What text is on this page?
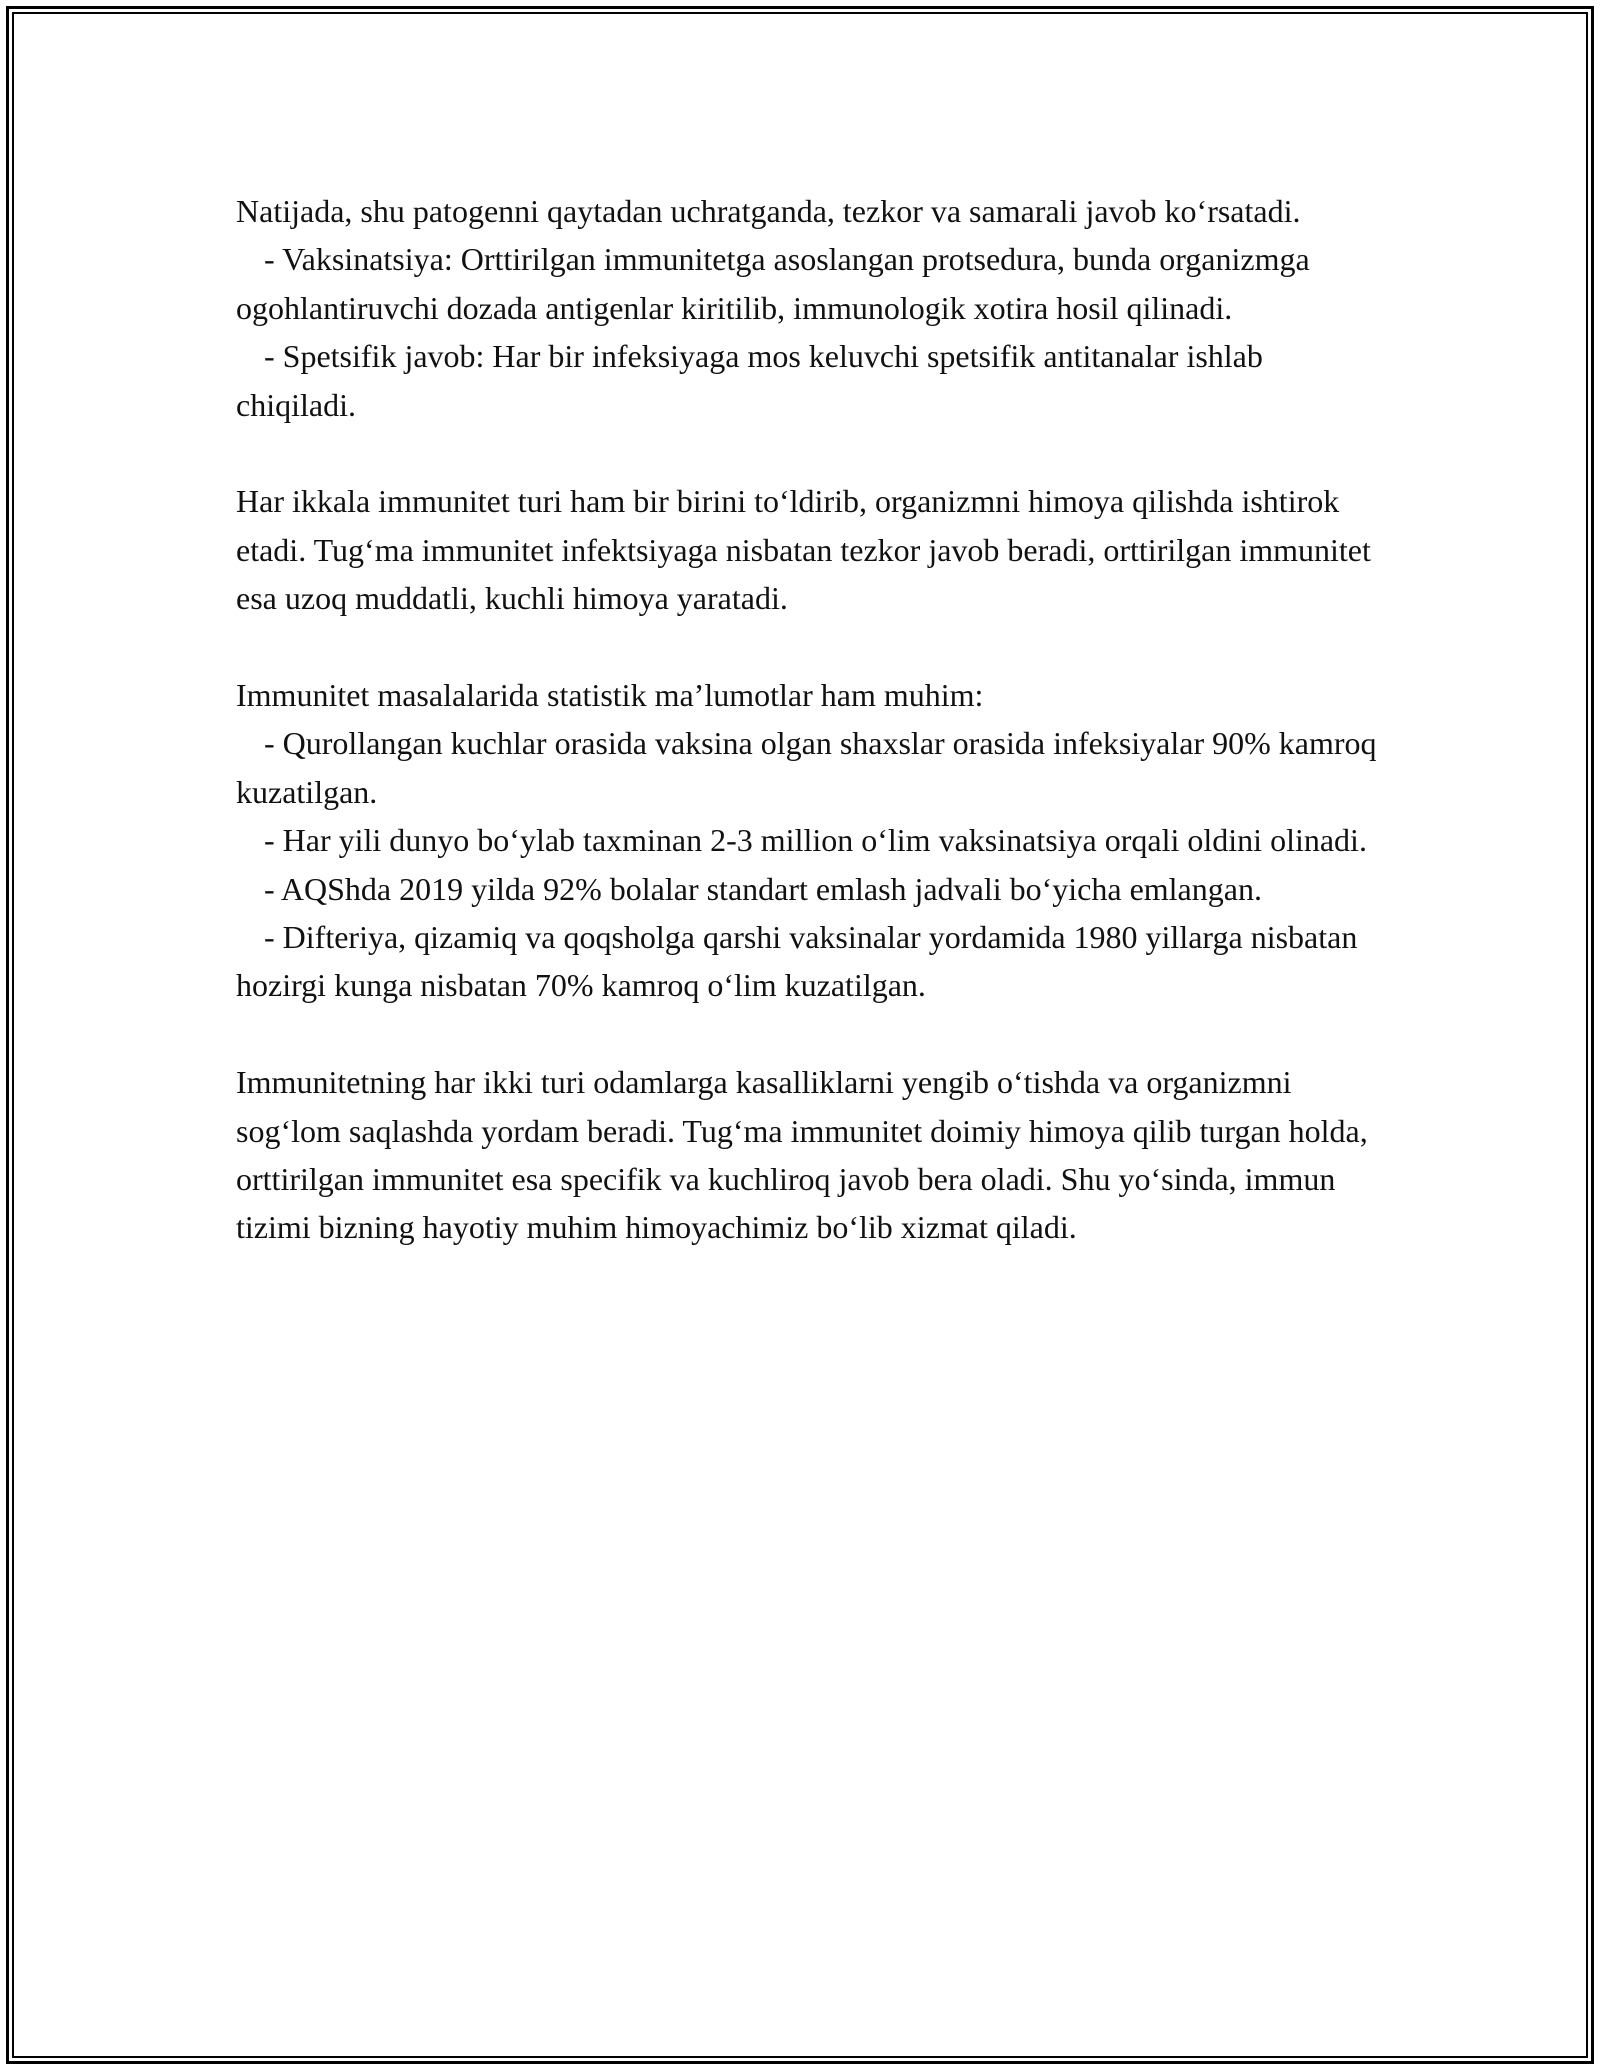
Natijada, shu patogenni qaytadan uchratganda, tezkor va samarali javob ko‘rsatadi.

- Vaksinatsiya: Orttirilgan immunitetga asoslangan protsedura, bunda organizmga ogohlantiruvchi dozada antigenlar kiritilib, immunologik xotira hosil qilinadi.

- Spetsifik javob: Har bir infeksiyaga mos keluvchi spetsifik antitanalar ishlab chiqiladi.

Har ikkala immunitet turi ham bir birini to‘ldirib, organizmni himoya qilishda ishtirok etadi. Tug‘ma immunitet infektsiyaga nisbatan tezkor javob beradi, orttirilgan immunitet esa uzoq muddatli, kuchli himoya yaratadi.

Immunitet masalalarida statistik ma’lumotlar ham muhim:

- Qurollangan kuchlar orasida vaksina olgan shaxslar orasida infeksiyalar 90% kamroq kuzatilgan.

- Har yili dunyo bo‘ylab taxminan 2-3 million o‘lim vaksinatsiya orqali oldini olinadi.

- AQShda 2019 yilda 92% bolalar standart emlash jadvali bo‘yicha emlangan.

- Difteriya, qizamiq va qoqsholga qarshi vaksinalar yordamida 1980 yillarga nisbatan hozirgi kunga nisbatan 70% kamroq o‘lim kuzatilgan.

Immunitetning har ikki turi odamlarga kasalliklarni yengib o‘tishda va organizmni sog‘lom saqlashda yordam beradi. Tug‘ma immunitet doimiy himoya qilib turgan holda, orttirilgan immunitet esa specifik va kuchliroq javob bera oladi. Shu yo‘sinda, immun tizimi bizning hayotiy muhim himoyachimiz bo‘lib xizmat qiladi.
